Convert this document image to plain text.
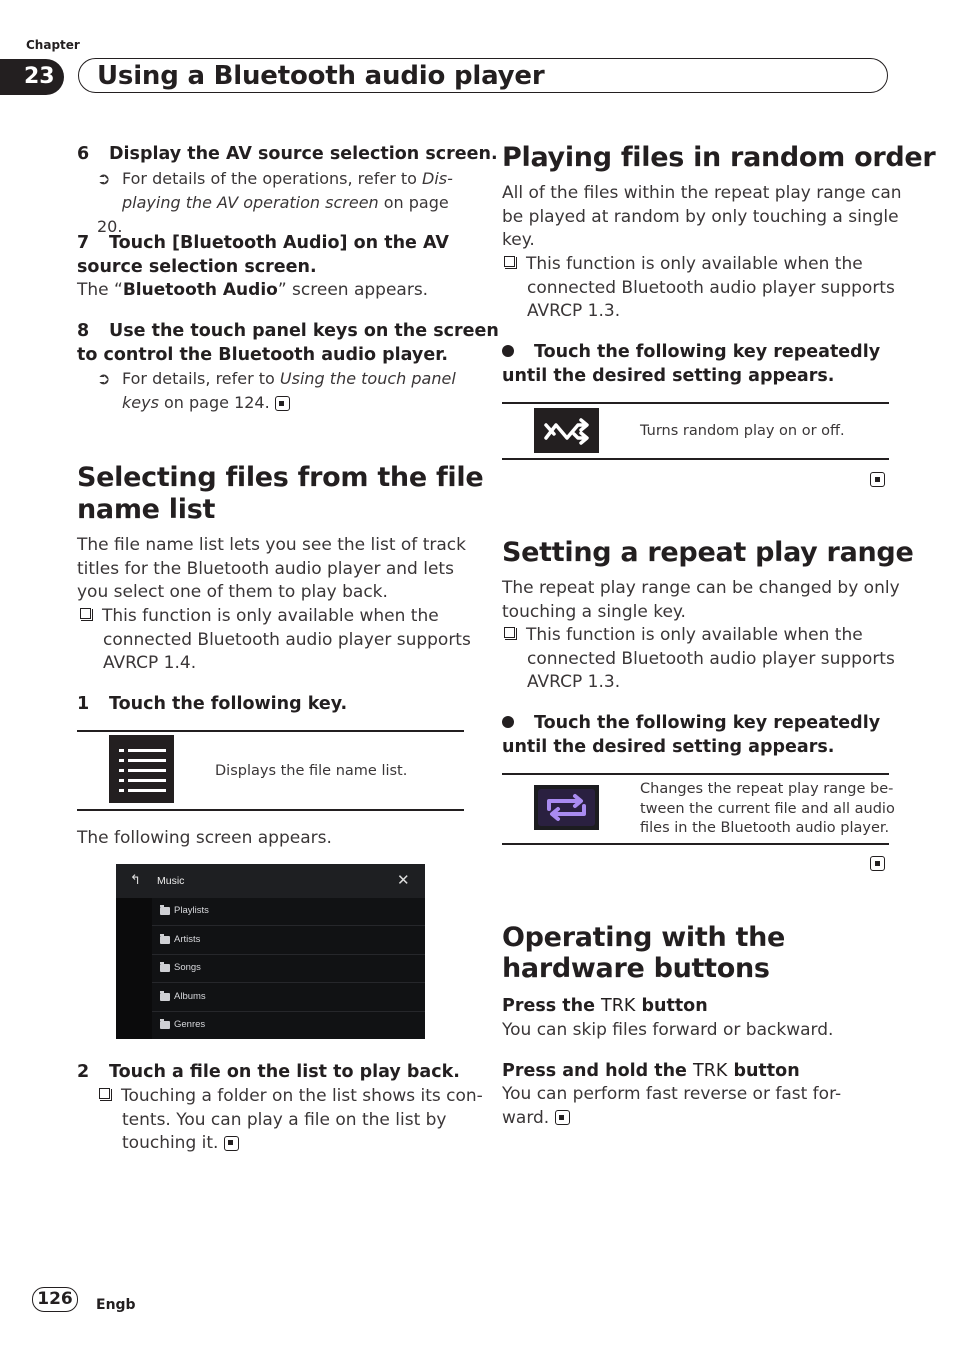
Chapter
23	Using a Bluetooth audio player
6 Display the AV source selection screen.
➲ For details of the operations, refer to Dis-
playing the AV operation screen on page 20.
7 Touch [Bluetooth Audio] on the AV
source selection screen.
The “Bluetooth Audio” screen appears.
8 Use the touch panel keys on the screen
to control the Bluetooth audio player.
➲ For details, refer to Using the touch panel
keys on page 124.
Selecting files from the file
name list
The file name list lets you see the list of track
titles for the Bluetooth audio player and lets
you select one of them to play back.
This function is only available when the
connected Bluetooth audio player supports
AVRCP 1.4.
1 Touch the following key.
Displays the file name list.
The following screen appears.
↰ Music	✕
Playlists
Artists
Songs
Albums
Genres
2 Touch a file on the list to play back.
Touching a folder on the list shows its con-
tents. You can play a file on the list by
touching it.
Playing files in random order
All of the files within the repeat play range can
be played at random by only touching a single
key.
This function is only available when the
connected Bluetooth audio player supports
AVRCP 1.3.
Touch the following key repeatedly
until the desired setting appears.
Turns random play on or off.
Setting a repeat play range
The repeat play range can be changed by only
touching a single key.
This function is only available when the
connected Bluetooth audio player supports
AVRCP 1.3.
Touch the following key repeatedly
until the desired setting appears.
Changes the repeat play range be-
tween the current file and all audio
files in the Bluetooth audio player.
Operating with the
hardware buttons
Press the TRK button
You can skip files forward or backward.
Press and hold the TRK button
You can perform fast reverse or fast for-
ward.
126	Engb
